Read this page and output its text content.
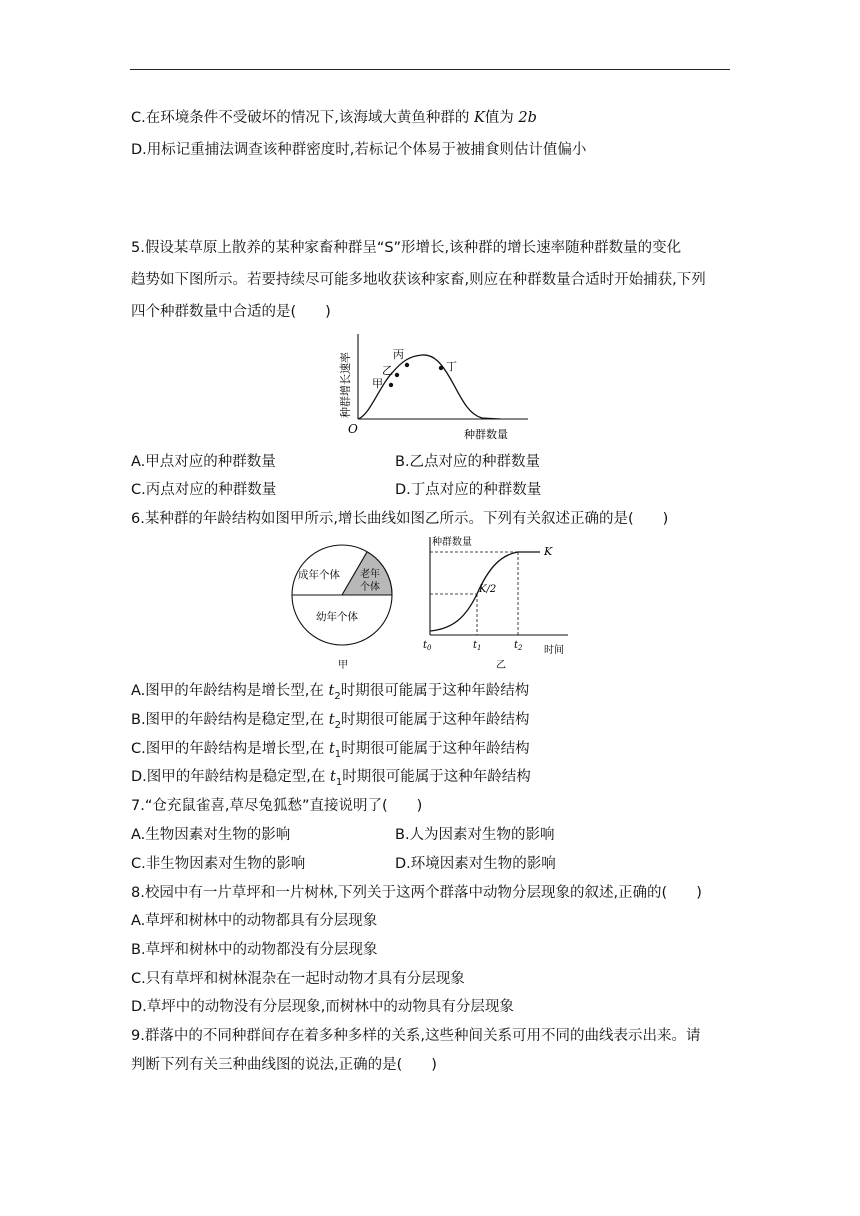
C.在环境条件不受破坏的情况下,该海域大黄鱼种群的 K值为 2b
D.用标记重捕法调查该种群密度时,若标记个体易于被捕食则估计值偏小
5.假设某草原上散养的某种家畜种群呈“S”形增长,该种群的增长速率随种群数量的变化
趋势如下图所示。若要持续尽可能多地收获该种家畜,则应在种群数量合适时开始捕获,下列
四个种群数量中合适的是(　　)
甲
乙
丙
丁
O	种群数量
种群增长速率
A.甲点对应的种群数量	B.乙点对应的种群数量
C.丙点对应的种群数量	D.丁点对应的种群数量
6.某种群的年龄结构如图甲所示,增长曲线如图乙所示。下列有关叙述正确的是(　　)
成年个体 老年
个体
幼年个体
甲
种群数量
K
K/2
$t_0$	$t_1$	$t_2$ 时间
乙
A.图甲的年龄结构是增长型,在 $t_2$时期很可能属于这种年龄结构
B.图甲的年龄结构是稳定型,在 $t_2$时期很可能属于这种年龄结构
C.图甲的年龄结构是增长型,在 $t_1$时期很可能属于这种年龄结构
D.图甲的年龄结构是稳定型,在 $t_1$时期很可能属于这种年龄结构
7.“仓充鼠雀喜,草尽兔狐愁”直接说明了(　　)
A.生物因素对生物的影响	B.人为因素对生物的影响
C.非生物因素对生物的影响	D.环境因素对生物的影响
8.校园中有一片草坪和一片树林,下列关于这两个群落中动物分层现象的叙述,正确的(　　)
A.草坪和树林中的动物都具有分层现象
B.草坪和树林中的动物都没有分层现象
C.只有草坪和树林混杂在一起时动物才具有分层现象
D.草坪中的动物没有分层现象,而树林中的动物具有分层现象
9.群落中的不同种群间存在着多种多样的关系,这些种间关系可用不同的曲线表示出来。请
判断下列有关三种曲线图的说法,正确的是(　　)
